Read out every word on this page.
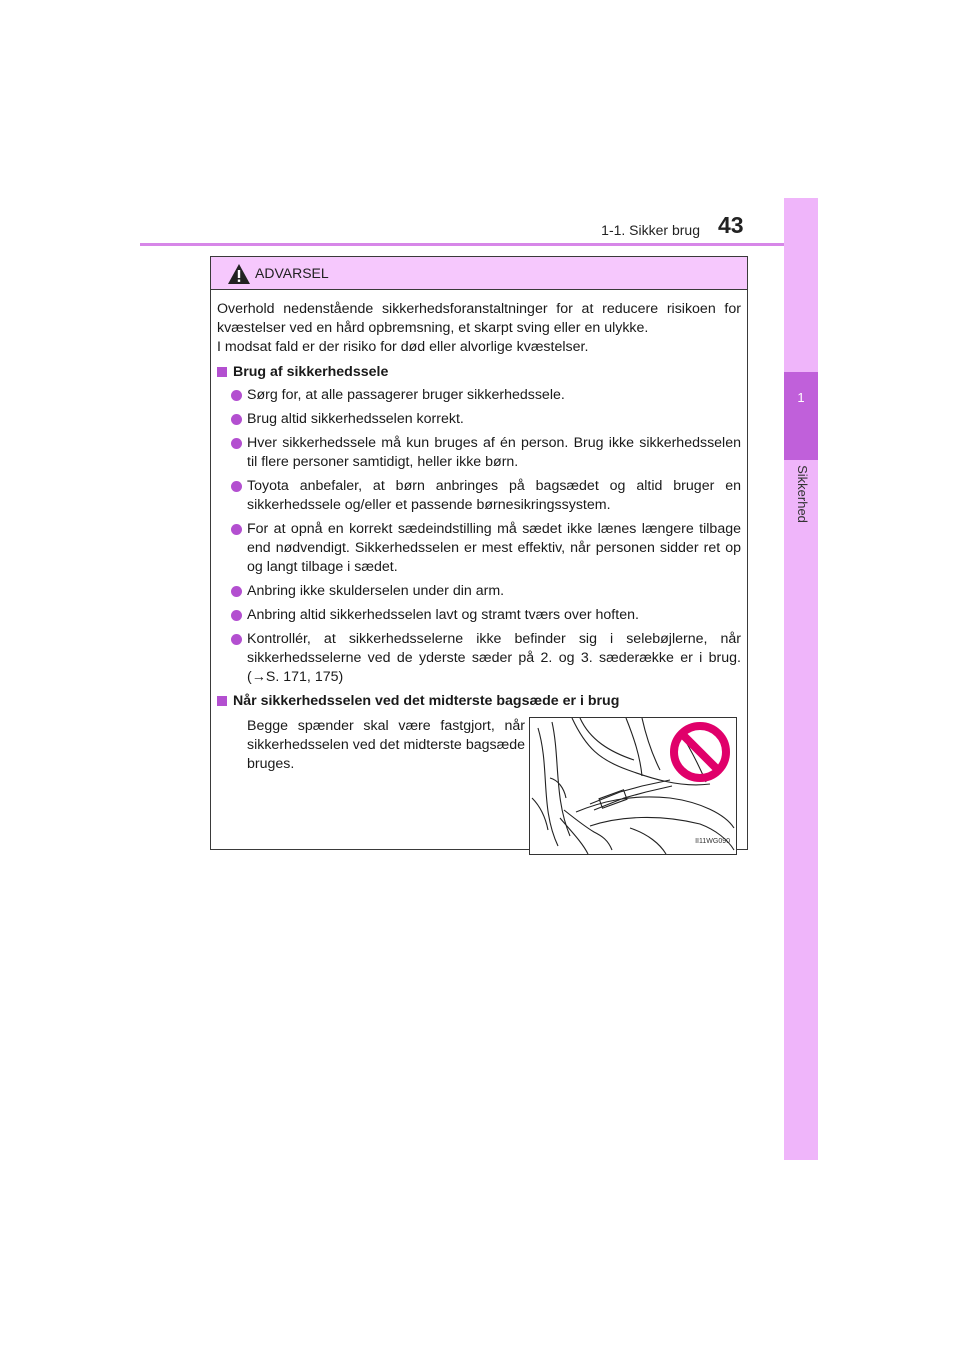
1-1. Sikker brug 43
1
Sikkerhed
ADVARSEL

Overhold nedenstående sikkerhedsforanstaltninger for at reducere risikoen for kvæstelser ved en hård opbremsning, et skarpt sving eller en ulykke.

I modsat fald er der risiko for død eller alvorlige kvæstelser.

Brug af sikkerhedssele
Sørg for, at alle passagerer bruger sikkerhedssele.
Brug altid sikkerhedsselen korrekt.
Hver sikkerhedssele må kun bruges af én person. Brug ikke sikkerhedsselen til flere personer samtidigt, heller ikke børn.
Toyota anbefaler, at børn anbringes på bagsædet og altid bruger en sikkerhedssele og/eller et passende børnesikringssystem.
For at opnå en korrekt sædeindstilling må sædet ikke lænes længere tilbage end nødvendigt. Sikkerhedsselen er mest effektiv, når personen sidder ret op og langt tilbage i sædet.
Anbring ikke skulderselen under din arm.
Anbring altid sikkerhedsselen lavt og stramt tværs over hoften.
Kontrollér, at sikkerhedsselerne ikke befinder sig i selebøjlerne, når sikkerhedsselerne ved de yderste sæder på 2. og 3. sæderække er i brug. (→S. 171, 175)
Når sikkerhedsselen ved det midterste bagsæde er i brug
Begge spænder skal være fastgjort, når sikkerhedsselen ved det midterste bagsæde bruges.
II11WG090
